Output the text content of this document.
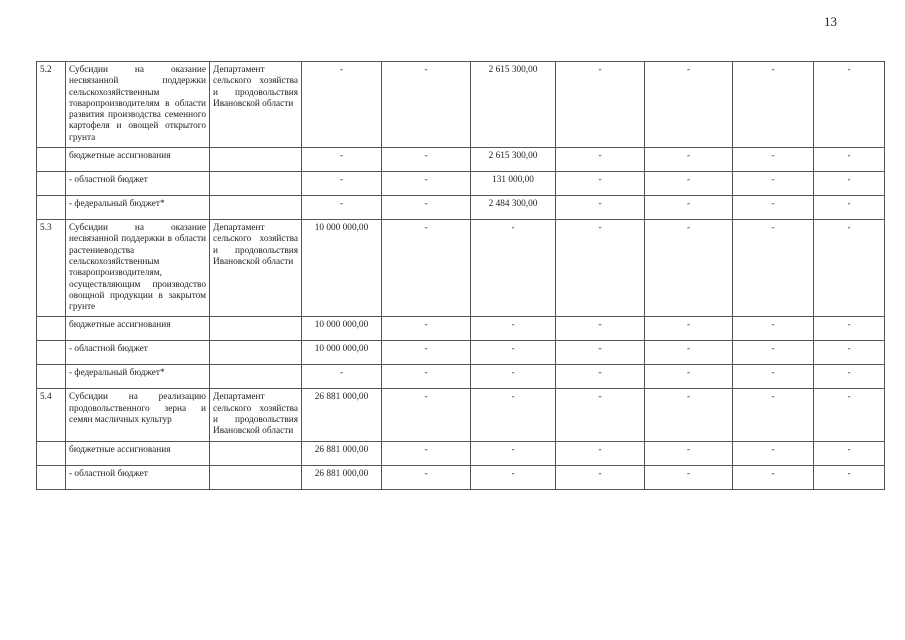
13
5.2	Субсидии на оказание несвязанной поддержки сельскохозяйственным товаропроизводителям в области развития производства семенного картофеля и овощей открытого грунта	Департамент сельского хозяйства и продовольствия Ивановской области	-	-	2 615 300,00	-	-	-	-
	бюджетные ассигнования		-	-	2 615 300,00	-	-	-	-
	- областной бюджет		-	-	131 000,00	-	-	-	-
	- федеральный бюджет*		-	-	2 484 300,00	-	-	-	-
5.3	Субсидии на оказание несвязанной поддержки в области растениеводства сельскохозяйственным товаропроизводителям, осуществляющим производство овощной продукции в закрытом грунте	Департамент сельского хозяйства и продовольствия Ивановской области	10 000 000,00	-	-	-	-	-	-
	бюджетные ассигнования		10 000 000,00	-	-	-	-	-	-
	- областной бюджет		10 000 000,00	-	-	-	-	-	-
	- федеральный бюджет*		-	-	-	-	-	-	-
5.4	Субсидии на реализацию продовольственного зерна и семян масличных культур	Департамент сельского хозяйства и продовольствия Ивановской области	26 881 000,00	-	-	-	-	-	-
	бюджетные ассигнования		26 881 000,00	-	-	-	-	-	-
	- областной бюджет		26 881 000,00	-	-	-	-	-	-
